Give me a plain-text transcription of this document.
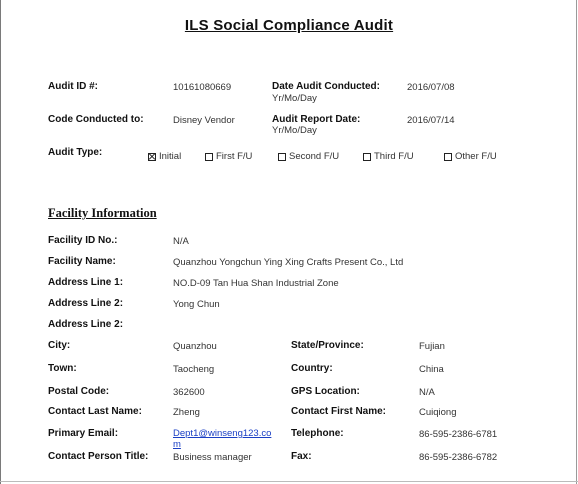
ILS Social Compliance Audit
Audit ID #:	10161080669	Date Audit Conducted:
Yr/Mo/Day
2016/07/08
Code Conducted to:	Disney Vendor	Audit Report Date:
Yr/Mo/Day
2016/07/14
Audit Type:	Initial	First F/U	Second F/U	Third F/U	Other F/U
Facility Information
Facility ID No.:	N/A
Facility Name:	Quanzhou Yongchun Ying Xing Crafts Present Co., Ltd
Address Line 1:	NO.D-09 Tan Hua Shan Industrial Zone
Address Line 2:	Yong Chun
Address Line 2:
City:	Quanzhou	State/Province:	Fujian
Town:	Taocheng	Country:	China
Postal Code:	362600	GPS Location:	N/A
Contact Last Name:	Zheng	Contact First Name:	Cuiqiong
Primary Email:	Dept1@winseng123.co
m
Telephone:	86-595-2386-6781
Contact Person Title:	Business manager	Fax:	86-595-2386-6782
